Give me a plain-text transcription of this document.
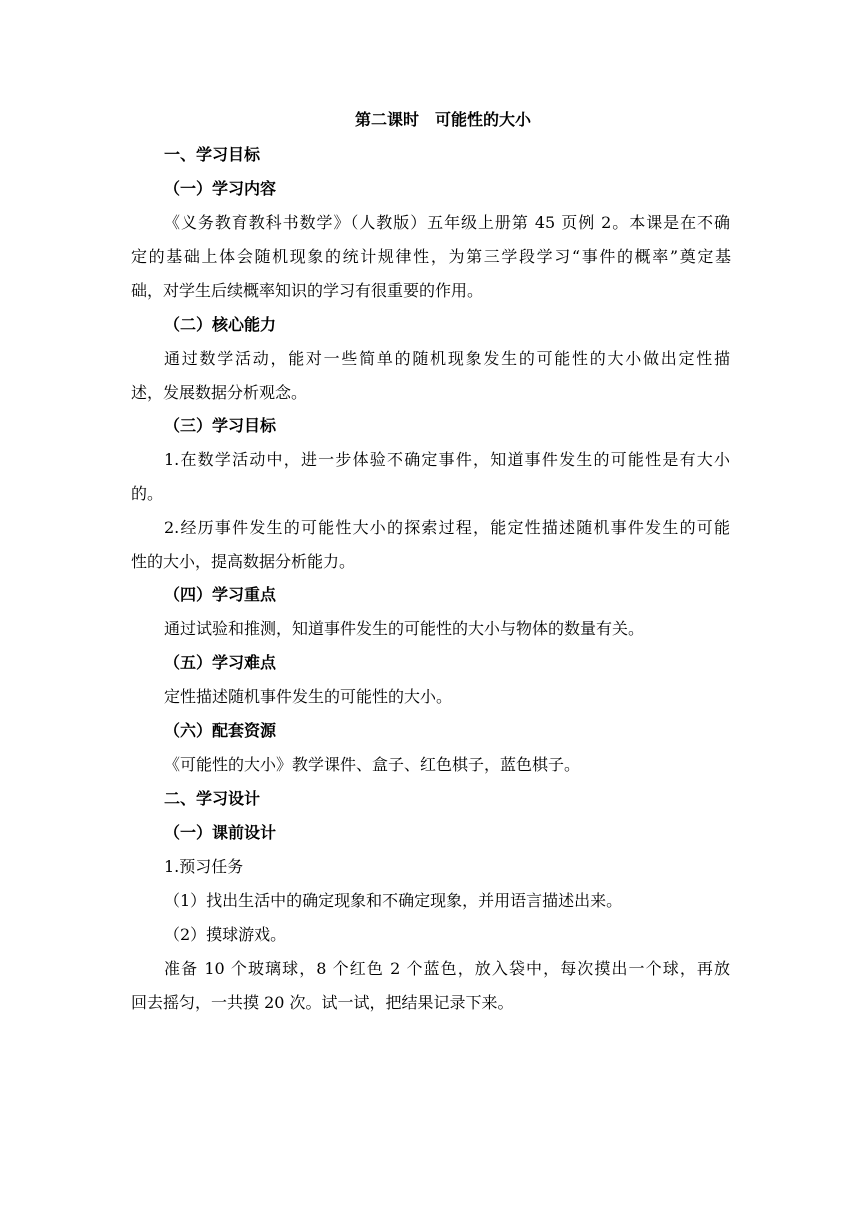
第二课时　可能性的大小
一、学习目标
（一）学习内容
《义务教育教科书数学》（人教版）五年级上册第 45 页例 2。本课是在不确
定的基础上体会随机现象的统计规律性，为第三学段学习“事件的概率”奠定基
础，对学生后续概率知识的学习有很重要的作用。
（二）核心能力
通过数学活动，能对一些简单的随机现象发生的可能性的大小做出定性描
述，发展数据分析观念。
（三）学习目标
1.在数学活动中，进一步体验不确定事件，知道事件发生的可能性是有大小
的。
2.经历事件发生的可能性大小的探索过程，能定性描述随机事件发生的可能
性的大小，提高数据分析能力。
（四）学习重点
通过试验和推测，知道事件发生的可能性的大小与物体的数量有关。
（五）学习难点
定性描述随机事件发生的可能性的大小。
（六）配套资源
《可能性的大小》教学课件、盒子、红色棋子，蓝色棋子。
二、学习设计
（一）课前设计
1.预习任务
（1）找出生活中的确定现象和不确定现象，并用语言描述出来。
（2）摸球游戏。
准备 10 个玻璃球，8 个红色 2 个蓝色，放入袋中，每次摸出一个球，再放
回去摇匀，一共摸 20 次。试一试，把结果记录下来。
